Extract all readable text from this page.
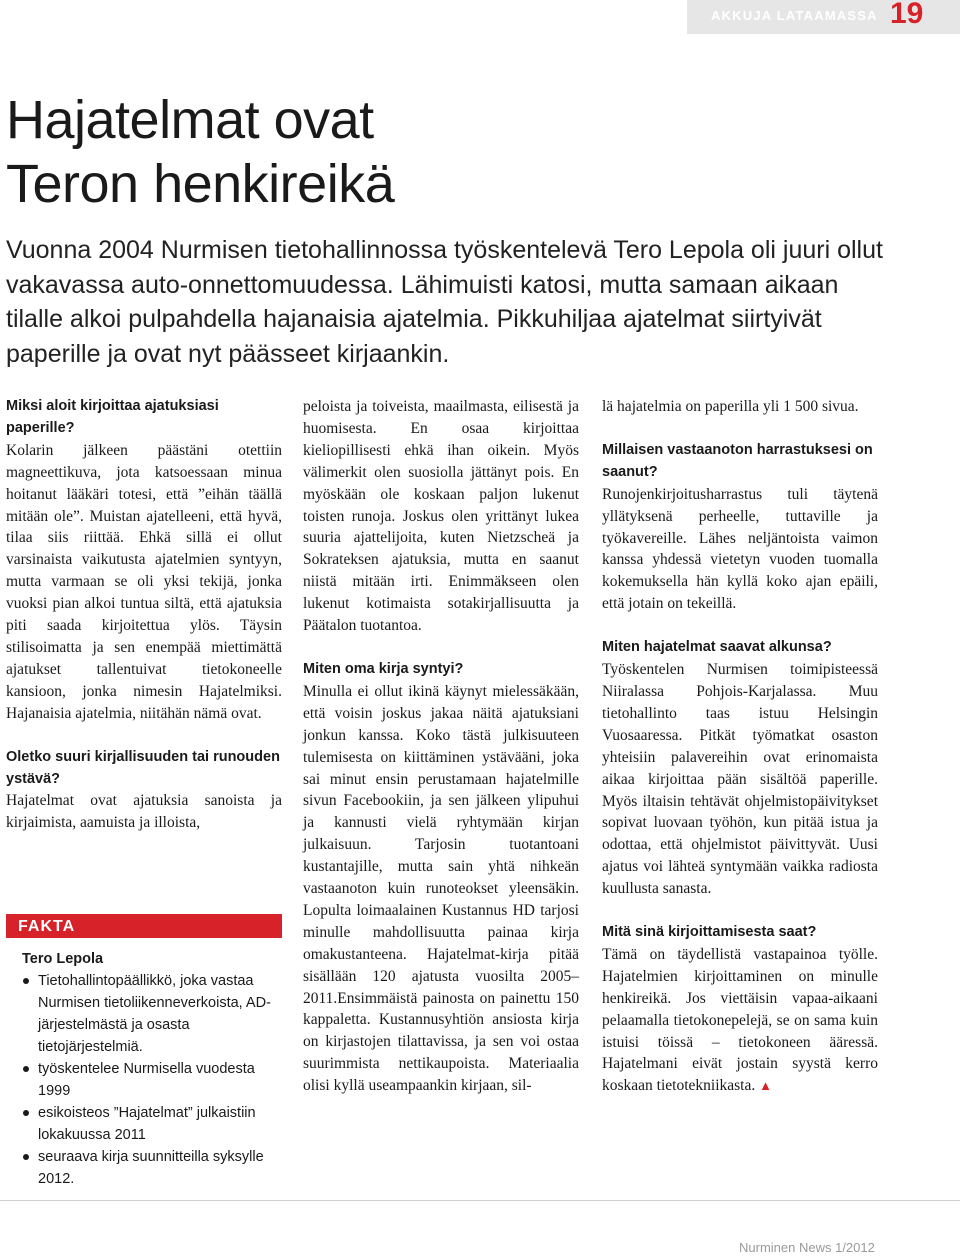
AKKUJA LATAAMASSA 19
Hajatelmat ovat
Teron henkireikä

Vuonna 2004 Nurmisen tietohallinnossa työskentelevä Tero Lepola oli juuri ollut vakavassa auto-onnettomuudessa. Lähimuisti katosi, mutta samaan aikaan tilalle alkoi pulpahdella hajanaisia ajatelmia. Pikkuhiljaa ajatelmat siirtyivät paperille ja ovat nyt päässeet kirjaankin.

Miksi aloit kirjoittaa ajatuksiasi paperille?

Kolarin jälkeen päästäni otettiin magneettikuva, jota katsoessaan minua hoitanut lääkäri totesi, että ”eihän täällä mitään ole”. Muistan ajatelleeni, että hyvä, tilaa siis riittää. Ehkä sillä ei ollut varsinaista vaikutusta ajatelmien syntyyn, mutta varmaan se oli yksi tekijä, jonka vuoksi pian alkoi tuntua siltä, että ajatuksia piti saada kirjoitettua ylös. Täysin stilisoimatta ja sen enempää miettimättä ajatukset tallentuivat tietokoneelle kansioon, jonka nimesin Hajatelmiksi. Hajanaisia ajatelmia, niitähän nämä ovat.

Oletko suuri kirjallisuuden tai runouden ystävä?

Hajatelmat ovat ajatuksia sanoista ja kirjaimista, aamuista ja illoista,

FAKTA
Tero Lepola
Tietohallintopäällikkö, joka vastaa Nurmisen tietoliikenneverkoista, AD-järjestelmästä ja osasta tietojärjestelmiä.
työskentelee Nurmisella vuodesta 1999
esikoisteos ”Hajatelmat” julkaistiin lokakuussa 2011
seuraava kirja suunnitteilla syksylle 2012.

peloista ja toiveista, maailmasta, eilisestä ja huomisesta. En osaa kirjoittaa kieliopillisesti ehkä ihan oikein. Myös välimerkit olen suosiolla jättänyt pois. En myöskään ole koskaan paljon lukenut toisten runoja. Joskus olen yrittänyt lukea suuria ajattelijoita, kuten Nietzscheä ja Sokrateksen ajatuksia, mutta en saanut niistä mitään irti. Enimmäkseen olen lukenut kotimaista sotakirjallisuutta ja Päätalon tuotantoa.

Miten oma kirja syntyi?

Minulla ei ollut ikinä käynyt mielessäkään, että voisin joskus jakaa näitä ajatuksiani jonkun kanssa. Koko tästä julkisuuteen tulemisesta on kiittäminen ystävääni, joka sai minut ensin perustamaan hajatelmille sivun Facebookiin, ja sen jälkeen ylipuhui ja kannusti vielä ryhtymään kirjan julkaisuun. Tarjosin tuotantoani kustantajille, mutta sain yhtä nihkeän vastaanoton kuin runoteokset yleensäkin. Lopulta loimaalainen Kustannus HD tarjosi minulle mahdollisuutta painaa kirja omakustanteena. Hajatelmat-kirja pitää sisällään 120 ajatusta vuosilta 2005–2011.Ensimmäistä painosta on painettu 150 kappaletta. Kustannusyhtiön ansiosta kirja on kirjastojen tilattavissa, ja sen voi ostaa suurimmista nettikaupoista. Materiaalia olisi kyllä useampaankin kirjaan, sil-

lä hajatelmia on paperilla yli 1 500 sivua.

Millaisen vastaanoton harrastuksesi on saanut?

Runojenkirjoitusharrastus tuli täytenä yllätyksenä perheelle, tuttaville ja työkavereille. Lähes neljäntoista vaimon kanssa yhdessä vietetyn vuoden tuomalla kokemuksella hän kyllä koko ajan epäili, että jotain on tekeillä.

Miten hajatelmat saavat alkunsa?

Työskentelen Nurmisen toimipisteessä Niiralassa Pohjois-Karjalassa. Muu tietohallinto taas istuu Helsingin Vuosaaressa. Pitkät työmatkat osaston yhteisiin palavereihin ovat erinomaista aikaa kirjoittaa pään sisältöä paperille. Myös iltaisin tehtävät ohjelmistopäivitykset sopivat luovaan työhön, kun pitää istua ja odottaa, että ohjelmistot päivittyvät. Uusi ajatus voi lähteä syntymään vaikka radiosta kuullusta sanasta.

Mitä sinä kirjoittamisesta saat?

Tämä on täydellistä vastapainoa työlle. Hajatelmien kirjoittaminen on minulle henkireikä. Jos viettäisin vapaa-aikaani pelaamalla tietokonepelejä, se on sama kuin istuisi töissä – tietokoneen ääressä. Hajatelmani eivät jostain syystä kerro koskaan tietotekniikasta. ▲

Nurminen News 1/2012
